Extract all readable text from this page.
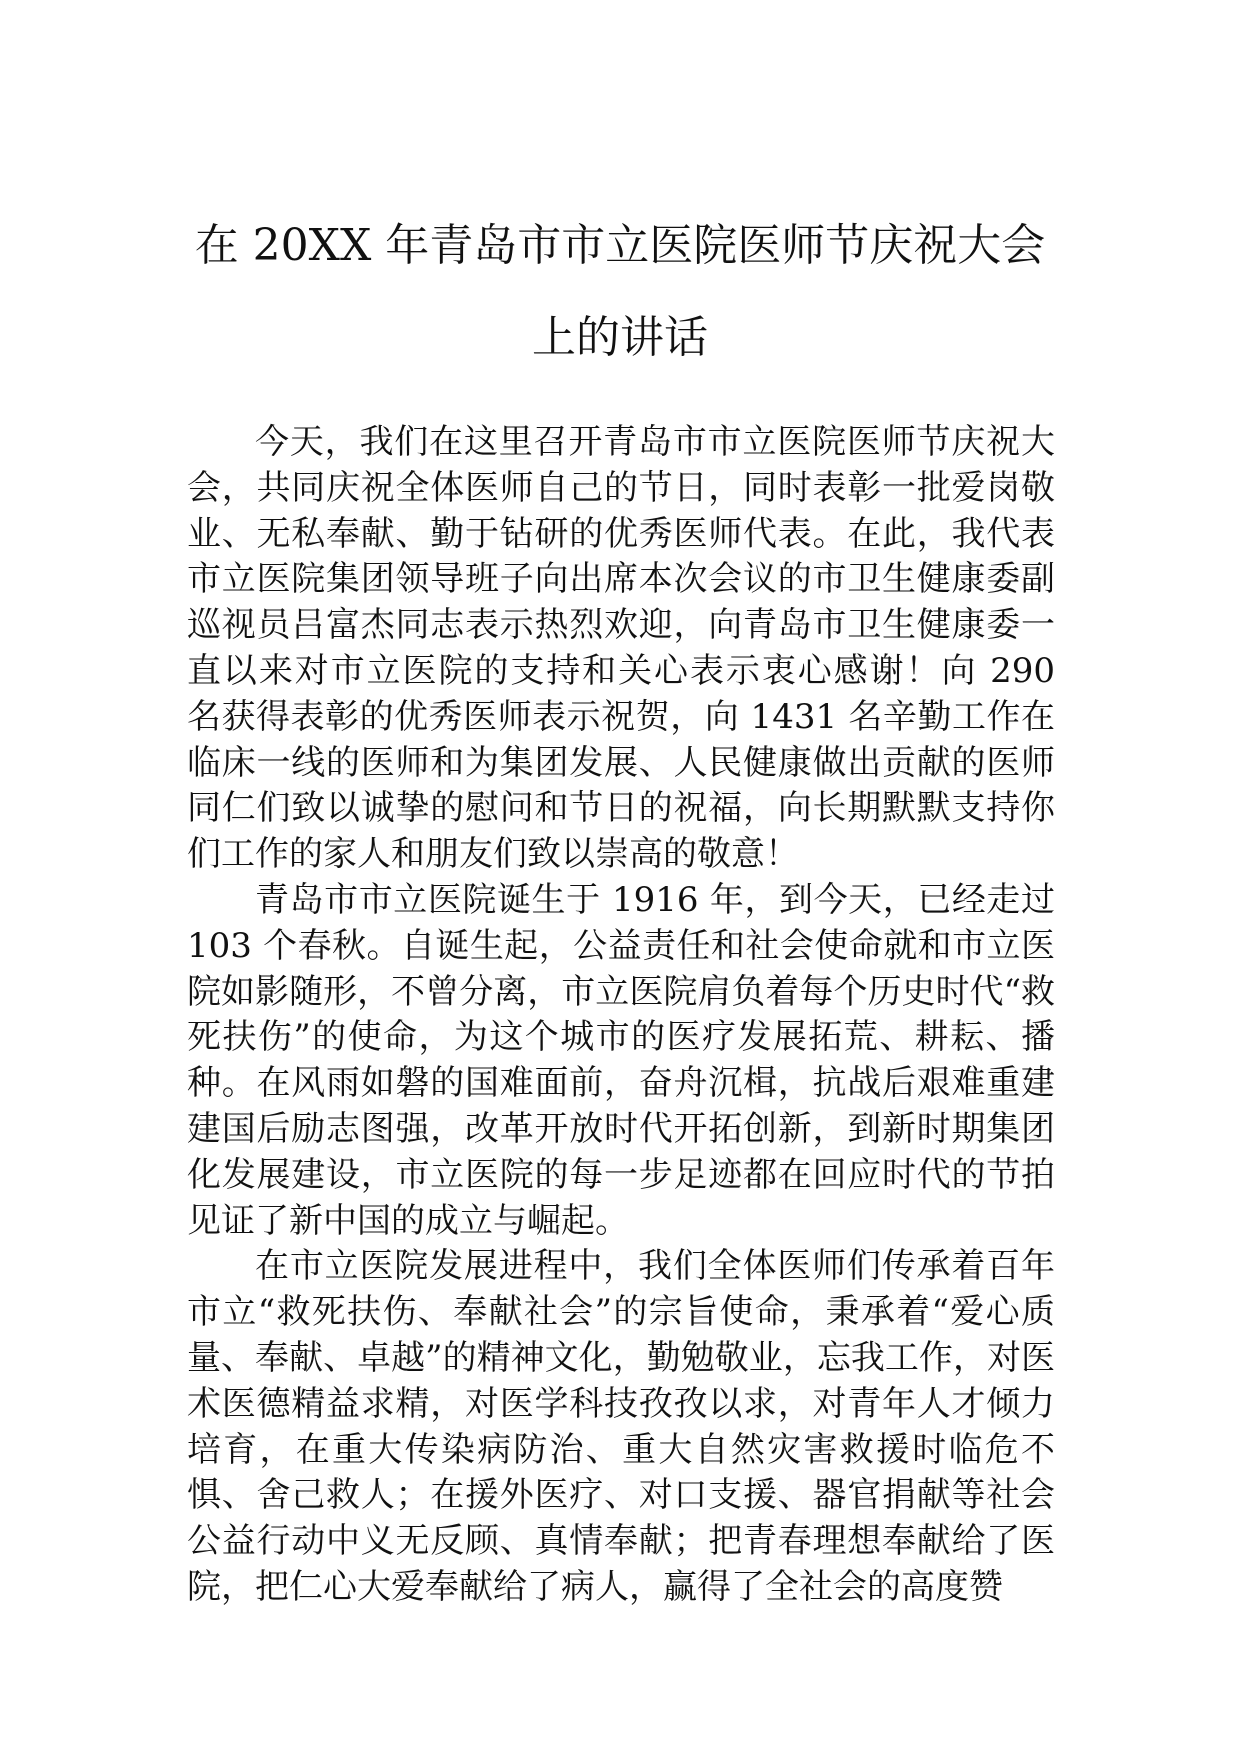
在 20XX 年青岛市市立医院医师节庆祝大会
上的讲话

今天，我们在这里召开青岛市市立医院医师节庆祝大会，共同庆祝全体医师自己的节日，同时表彰一批爱岗敬业、无私奉献、勤于钻研的优秀医师代表。在此，我代表市立医院集团领导班子向出席本次会议的市卫生健康委副巡视员吕富杰同志表示热烈欢迎，向青岛市卫生健康委一直以来对市立医院的支持和关心表示衷心感谢！向 290 名获得表彰的优秀医师表示祝贺，向 1431 名辛勤工作在临床一线的医师和为集团发展、人民健康做出贡献的医师同仁们致以诚挚的慰问和节日的祝福，向长期默默支持你们工作的家人和朋友们致以崇高的敬意！

青岛市市立医院诞生于 1916 年，到今天，已经走过 103 个春秋。自诞生起，公益责任和社会使命就和市立医院如影随形，不曾分离，市立医院肩负着每个历史时代“救死扶伤”的使命，为这个城市的医疗发展拓荒、耕耘、播种。在风雨如磐的国难面前，奋舟沉楫，抗战后艰难重建建国后励志图强，改革开放时代开拓创新，到新时期集团化发展建设，市立医院的每一步足迹都在回应时代的节拍见证了新中国的成立与崛起。

在市立医院发展进程中，我们全体医师们传承着百年市立“救死扶伤、奉献社会”的宗旨使命，秉承着“爱心质量、奉献、卓越”的精神文化，勤勉敬业，忘我工作，对医术医德精益求精，对医学科技孜孜以求，对青年人才倾力培育，在重大传染病防治、重大自然灾害救援时临危不惧、舍己救人；在援外医疗、对口支援、器官捐献等社会公益行动中义无反顾、真情奉献；把青春理想奉献给了医院，把仁心大爱奉献给了病人，赢得了全社会的高度赞
